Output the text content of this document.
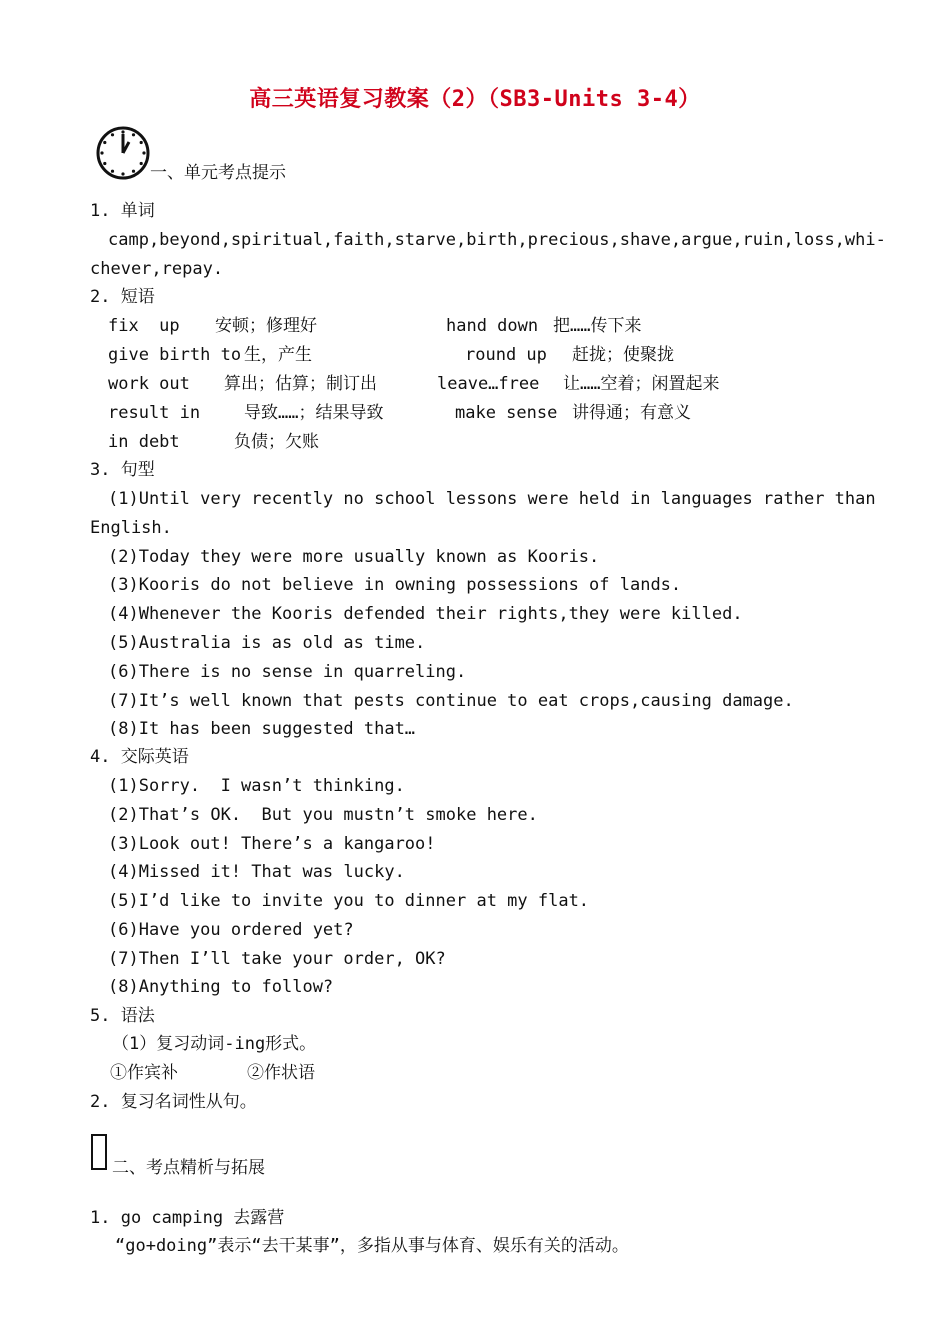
高三英语复习教案（2）（SB3-Units 3-4）
一、单元考点提示
1. 单词
camp,beyond,spiritual,faith,starve,birth,precious,shave,argue,ruin,loss,whi-
chever,repay.
2. 短语
fix  up 安顿；修理好	hand down 把……传下来
give birth to 生，产生	round up 赶拢；使聚拢
work out 算出；估算；制订出	leave…free 让……空着；闲置起来
result in	导致……；结果导致	make sense 讲得通；有意义
in debt	负债；欠账
3. 句型
(1)Until very recently no school lessons were held in languages rather than
English.
(2)Today they were more usually known as Kooris.
(3)Kooris do not believe in owning possessions of lands.
(4)Whenever the Kooris defended their rights,they were killed.
(5)Australia is as old as time.
(6)There is no sense in quarreling.
(7)It’s well known that pests continue to eat crops,causing damage.
(8)It has been suggested that…
4. 交际英语
(1)Sorry.  I wasn’t thinking.
(2)That’s OK.  But you mustn’t smoke here.
(3)Look out! There’s a kangaroo!
(4)Missed it! That was lucky.
(5)I’d like to invite you to dinner at my flat.
(6)Have you ordered yet?
(7)Then I’ll take your order, OK?
(8)Anything to follow?
5. 语法
（1）复习动词-ing形式。
①作宾补	②作状语
2. 复习名词性从句。
二、考点精析与拓展
1. go camping 去露营
“go+doing”表示“去干某事”，多指从事与体育、娱乐有关的活动。
